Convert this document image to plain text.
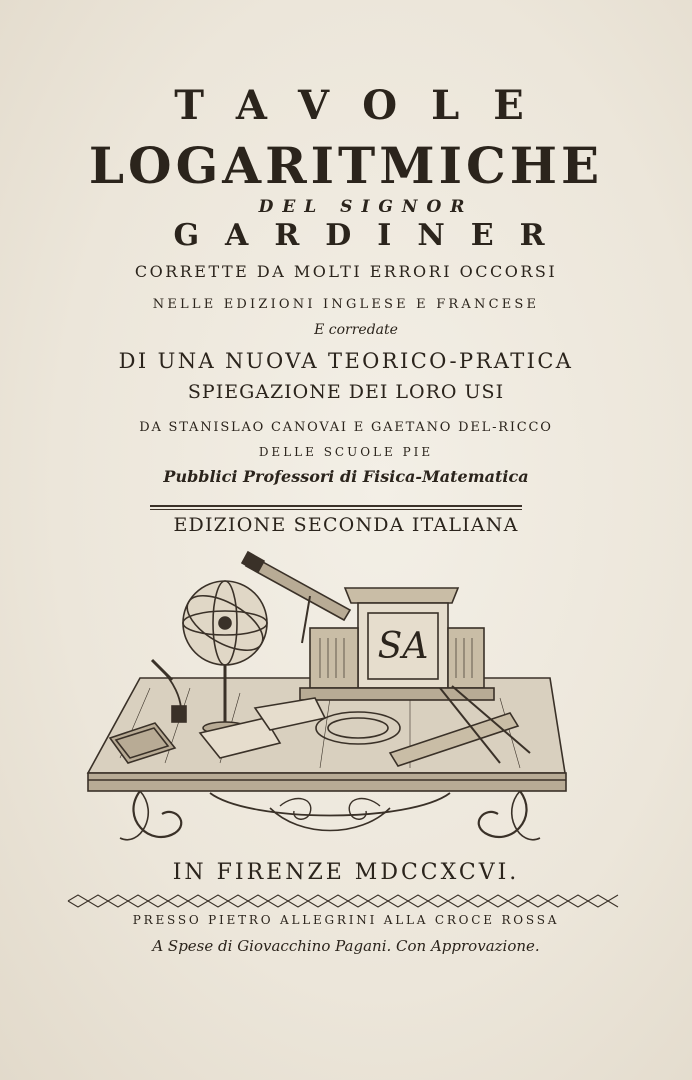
TAVOLE
LOGARITMICHE
DEL SIGNOR
GARDINER
CORRETTE DA MOLTI ERRORI OCCORSI
NELLE EDIZIONI INGLESE E FRANCESE
E corredate
DI UNA NUOVA TEORICO-PRATICA
SPIEGAZIONE DEI LORO USI
DA STANISLAO CANOVAI E GAETANO DEL-RICCO
DELLE SCUOLE PIE
Pubblici Professori di Fisica-Matematica
EDIZIONE SECONDA ITALIANA
SA
IN FIRENZE MDCCXCVI.
PRESSO PIETRO ALLEGRINI ALLA CROCE ROSSA
A Spese di Giovacchino Pagani. Con Approvazione.
